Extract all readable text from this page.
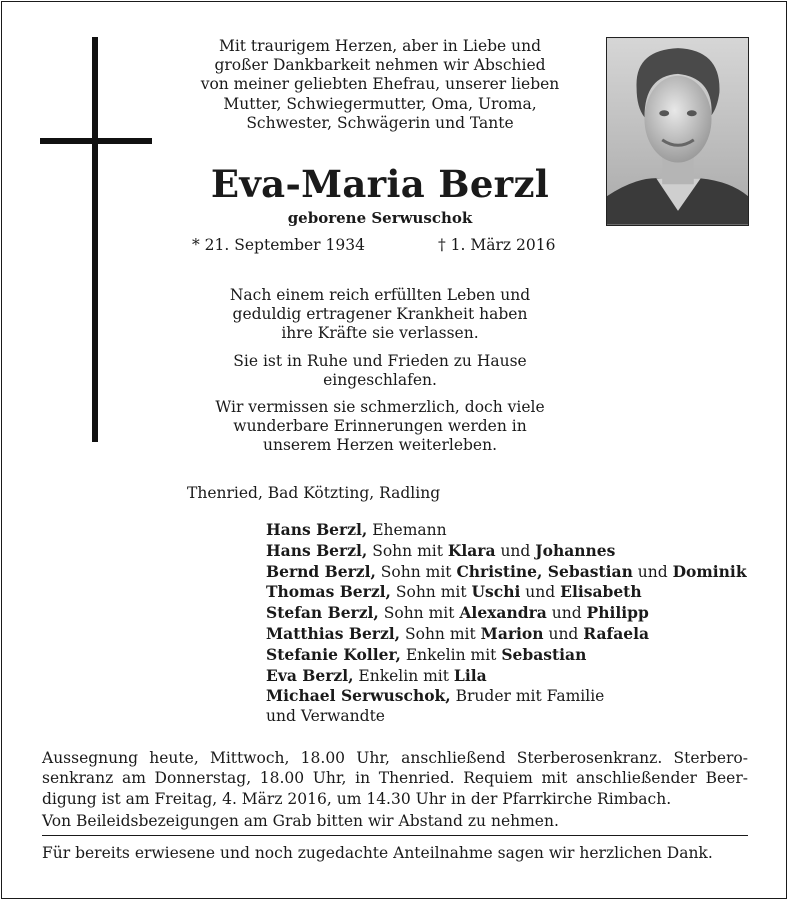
Mit traurigem Herzen, aber in Liebe und
großer Dankbarkeit nehmen wir Abschied
von meiner geliebten Ehefrau, unserer lieben
Mutter, Schwiegermutter, Oma, Uroma,
Schwester, Schwägerin und Tante
Eva-Maria Berzl
geborene Serwuschok
* 21. September 1934	† 1. März 2016
Nach einem reich erfüllten Leben und
geduldig ertragener Krankheit haben
ihre Kräfte sie verlassen.
Sie ist in Ruhe und Frieden zu Hause
eingeschlafen.
Wir vermissen sie schmerzlich, doch viele
wunderbare Erinnerungen werden in
unserem Herzen weiterleben.
Thenried, Bad Kötzting, Radling
Hans Berzl, Ehemann
Hans Berzl, Sohn mit Klara und Johannes
Bernd Berzl, Sohn mit Christine, Sebastian und Dominik
Thomas Berzl, Sohn mit Uschi und Elisabeth
Stefan Berzl, Sohn mit Alexandra und Philipp
Matthias Berzl, Sohn mit Marion und Rafaela
Stefanie Koller, Enkelin mit Sebastian
Eva Berzl, Enkelin mit Lila
Michael Serwuschok, Bruder mit Familie
und Verwandte
Aussegnung heute, Mittwoch, 18.00 Uhr, anschließend Sterberosenkranz. Sterbero-
senkranz am Donnerstag, 18.00 Uhr, in Thenried. Requiem mit anschließender Beer-
digung ist am Freitag, 4. März 2016, um 14.30 Uhr in der Pfarrkirche Rimbach.
Von Beileidsbezeigungen am Grab bitten wir Abstand zu nehmen.
Für bereits erwiesene und noch zugedachte Anteilnahme sagen wir herzlichen Dank.
